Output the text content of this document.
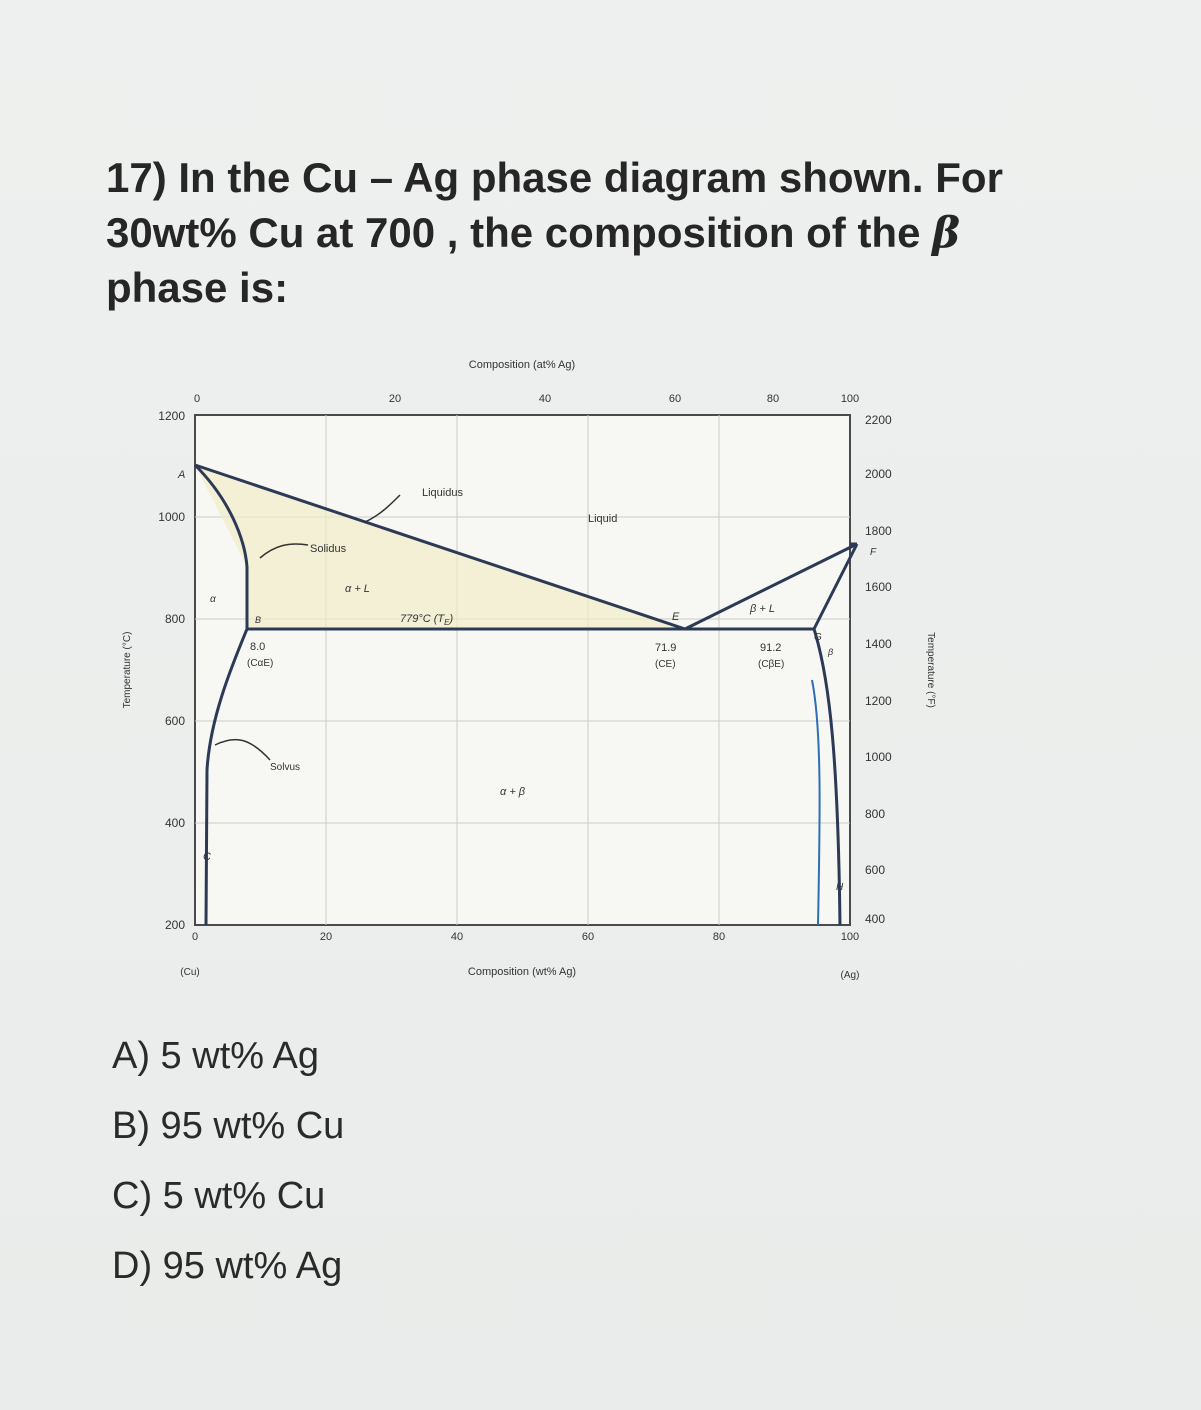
17) In the Cu – Ag phase diagram shown. For
30wt% Cu at 700 , the composition of the β
phase is:
1200
1000
800
600
400
200
Temperature (°C)
2200
2000
1800
1600
1400
1200
1000
800
600
400
Temperature (°F)
Composition (at% Ag)
0	20	40	60	80	100
0	20	40	60	80	100
Composition (wt% Ag)
(Cu)	(Ag)
Liquidus
Liquid
Solidus
α + L
β + L
α + β
Solvus
779°C $(T_E)$
A
B
C
E
F
G
H
α
β
8.0
(CαE)
71.9
(CE)
91.2
(CβE)
A) 5 wt% Ag
B) 95 wt% Cu
C) 5 wt% Cu
D) 95 wt% Ag
